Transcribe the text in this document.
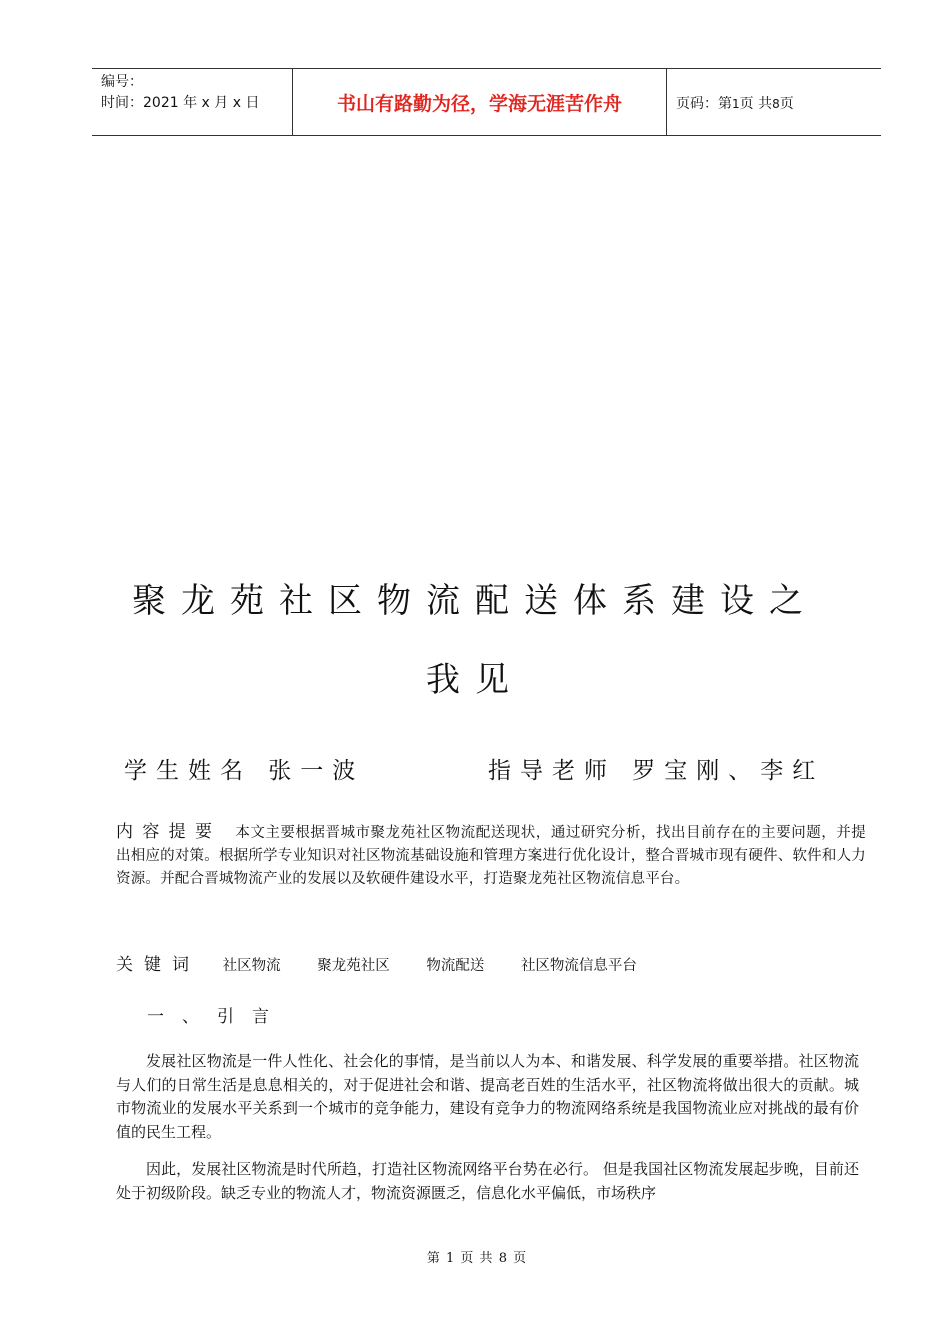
编号：
时间：2021 年 x 月 x 日	书山有路勤为径，学海无涯苦作舟	页码：第1页 共8页
聚龙苑社区物流配送体系建设之
我见
学生姓名 张一波	指导老师 罗宝刚、李红
内容提要 本文主要根据晋城市聚龙苑社区物流配送现状，通过研究分析，找出目前存在的主要问题，并提出相应的对策。根据所学专业知识对社区物流基础设施和管理方案进行优化设计，整合晋城市现有硬件、软件和人力资源。并配合晋城物流产业的发展以及软硬件建设水平，打造聚龙苑社区物流信息平台。
关键词 社区物流	聚龙苑社区	物流配送	社区物流信息平台
一、引言
发展社区物流是一件人性化、社会化的事情，是当前以人为本、和谐发展、科学发展的重要举措。社区物流与人们的日常生活是息息相关的，对于促进社会和谐、提高老百姓的生活水平，社区物流将做出很大的贡献。城市物流业的发展水平关系到一个城市的竞争能力，建设有竞争力的物流网络系统是我国物流业应对挑战的最有价值的民生工程。
因此，发展社区物流是时代所趋，打造社区物流网络平台势在必行。 但是我国社区物流发展起步晚，目前还处于初级阶段。缺乏专业的物流人才，物流资源匮乏，信息化水平偏低，市场秩序
第 1 页 共 8 页
